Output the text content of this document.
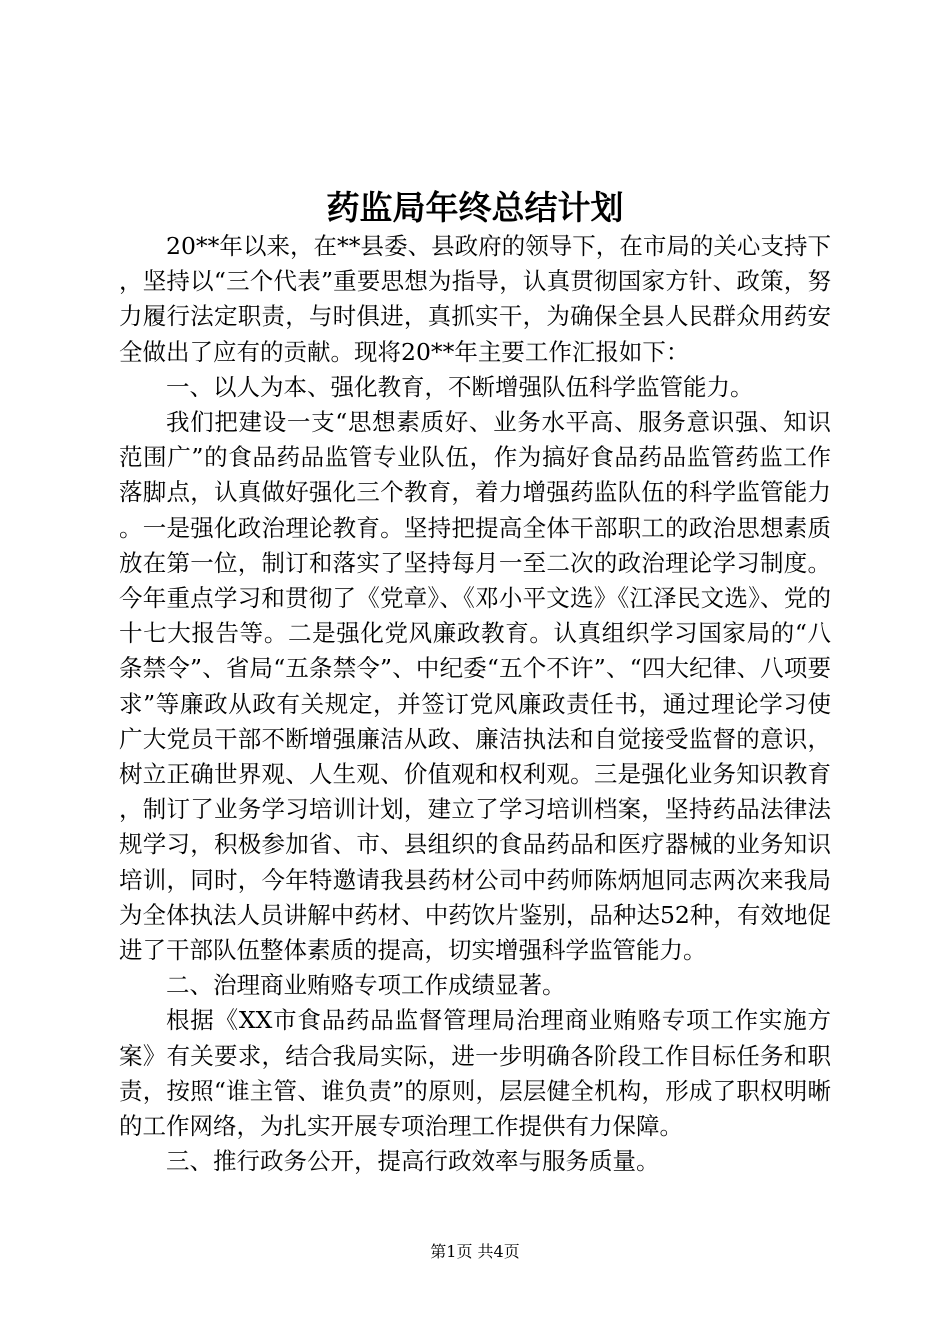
药监局年终总结计划

20**年以来，在**县委、县政府的领导下，在市局的关心支持下，坚持以“三个代表”重要思想为指导，认真贯彻国家方针、政策，努力履行法定职责，与时俱进，真抓实干，为确保全县人民群众用药安全做出了应有的贡献。现将20**年主要工作汇报如下：

一、以人为本、强化教育，不断增强队伍科学监管能力。

我们把建设一支“思想素质好、业务水平高、服务意识强、知识范围广”的食品药品监管专业队伍，作为搞好食品药品监管药监工作落脚点，认真做好强化三个教育，着力增强药监队伍的科学监管能力。一是强化政治理论教育。坚持把提高全体干部职工的政治思想素质放在第一位，制订和落实了坚持每月一至二次的政治理论学习制度。今年重点学习和贯彻了《党章》、《邓小平文选》《江泽民文选》、党的十七大报告等。二是强化党风廉政教育。认真组织学习国家局的“八条禁令”、省局“五条禁令”、中纪委“五个不许”、“四大纪律、八项要求”等廉政从政有关规定，并签订党风廉政责任书，通过理论学习使广大党员干部不断增强廉洁从政、廉洁执法和自觉接受监督的意识，树立正确世界观、人生观、价值观和权利观。三是强化业务知识教育，制订了业务学习培训计划，建立了学习培训档案，坚持药品法律法规学习，积极参加省、市、县组织的食品药品和医疗器械的业务知识培训，同时，今年特邀请我县药材公司中药师陈炳旭同志两次来我局为全体执法人员讲解中药材、中药饮片鉴别，品种达52种，有效地促进了干部队伍整体素质的提高，切实增强科学监管能力。

二、治理商业贿赂专项工作成绩显著。

根据《XX市食品药品监督管理局治理商业贿赂专项工作实施方案》有关要求，结合我局实际，进一步明确各阶段工作目标任务和职责，按照“谁主管、谁负责”的原则，层层健全机构，形成了职权明晰的工作网络，为扎实开展专项治理工作提供有力保障。

三、推行政务公开，提高行政效率与服务质量。

第1页 共4页
